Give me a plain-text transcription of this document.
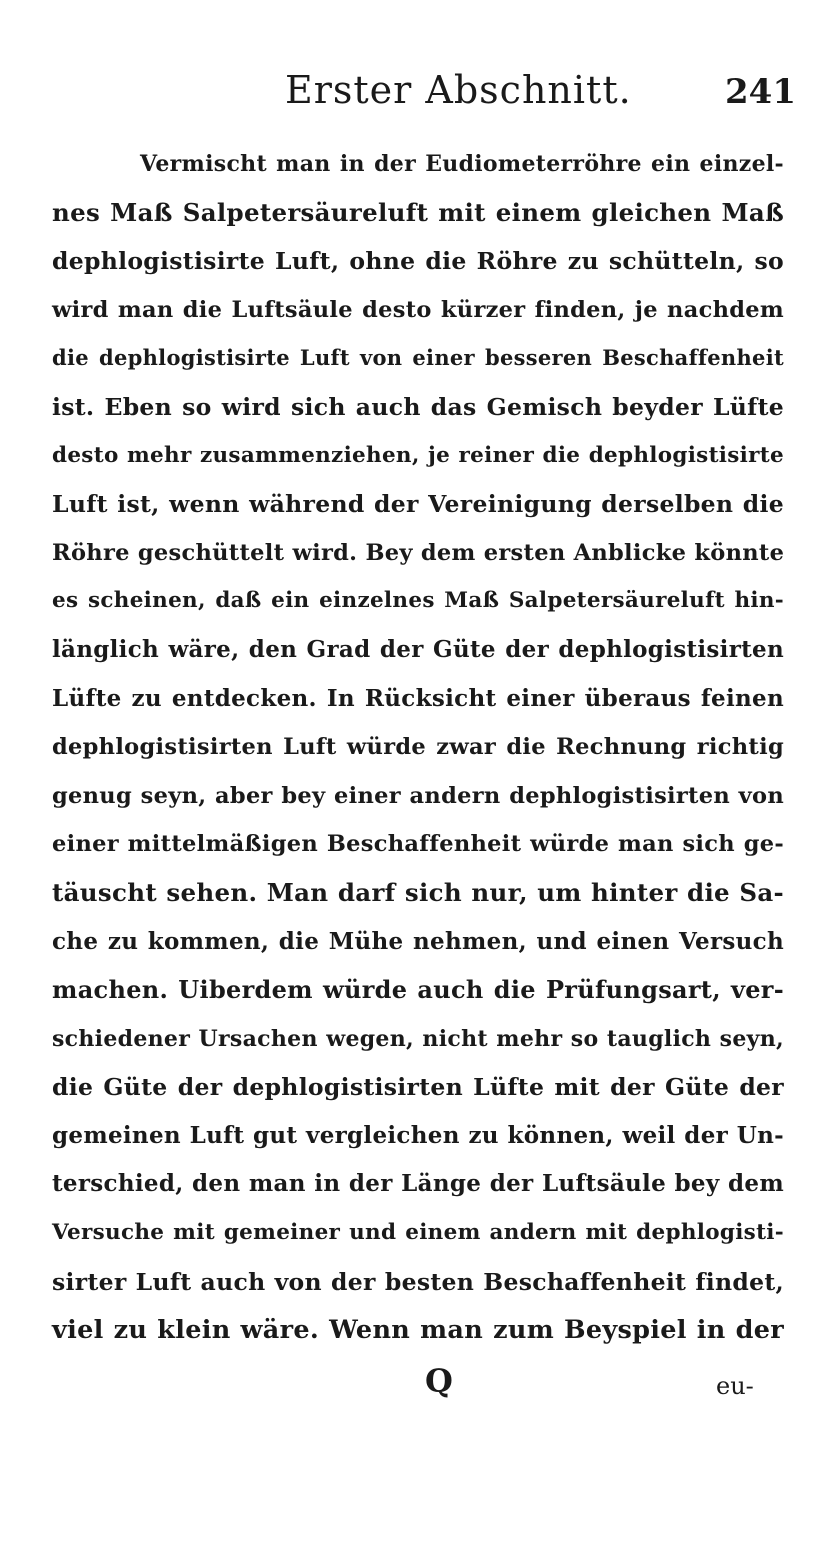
Erster Abschnitt.	241
Vermischt man in der Eudiometerröhre ein einzel-
nes Maß Salpetersäureluft mit einem gleichen Maß
dephlogistisirte Luft, ohne die Röhre zu schütteln, so
wird man die Luftsäule desto kürzer finden, je nachdem
die dephlogistisirte Luft von einer besseren Beschaffenheit
ist. Eben so wird sich auch das Gemisch beyder Lüfte
desto mehr zusammenziehen, je reiner die dephlogistisirte
Luft ist, wenn während der Vereinigung derselben die
Röhre geschüttelt wird. Bey dem ersten Anblicke könnte
es scheinen, daß ein einzelnes Maß Salpetersäureluft hin-
länglich wäre, den Grad der Güte der dephlogistisirten
Lüfte zu entdecken. In Rücksicht einer überaus feinen
dephlogistisirten Luft würde zwar die Rechnung richtig
genug seyn, aber bey einer andern dephlogistisirten von
einer mittelmäßigen Beschaffenheit würde man sich ge-
täuscht sehen. Man darf sich nur, um hinter die Sa-
che zu kommen, die Mühe nehmen, und einen Versuch
machen. Uiberdem würde auch die Prüfungsart, ver-
schiedener Ursachen wegen, nicht mehr so tauglich seyn,
die Güte der dephlogistisirten Lüfte mit der Güte der
gemeinen Luft gut vergleichen zu können, weil der Un-
terschied, den man in der Länge der Luftsäule bey dem
Versuche mit gemeiner und einem andern mit dephlogisti-
sirter Luft auch von der besten Beschaffenheit findet,
viel zu klein wäre. Wenn man zum Beyspiel in der
Q	eu-
